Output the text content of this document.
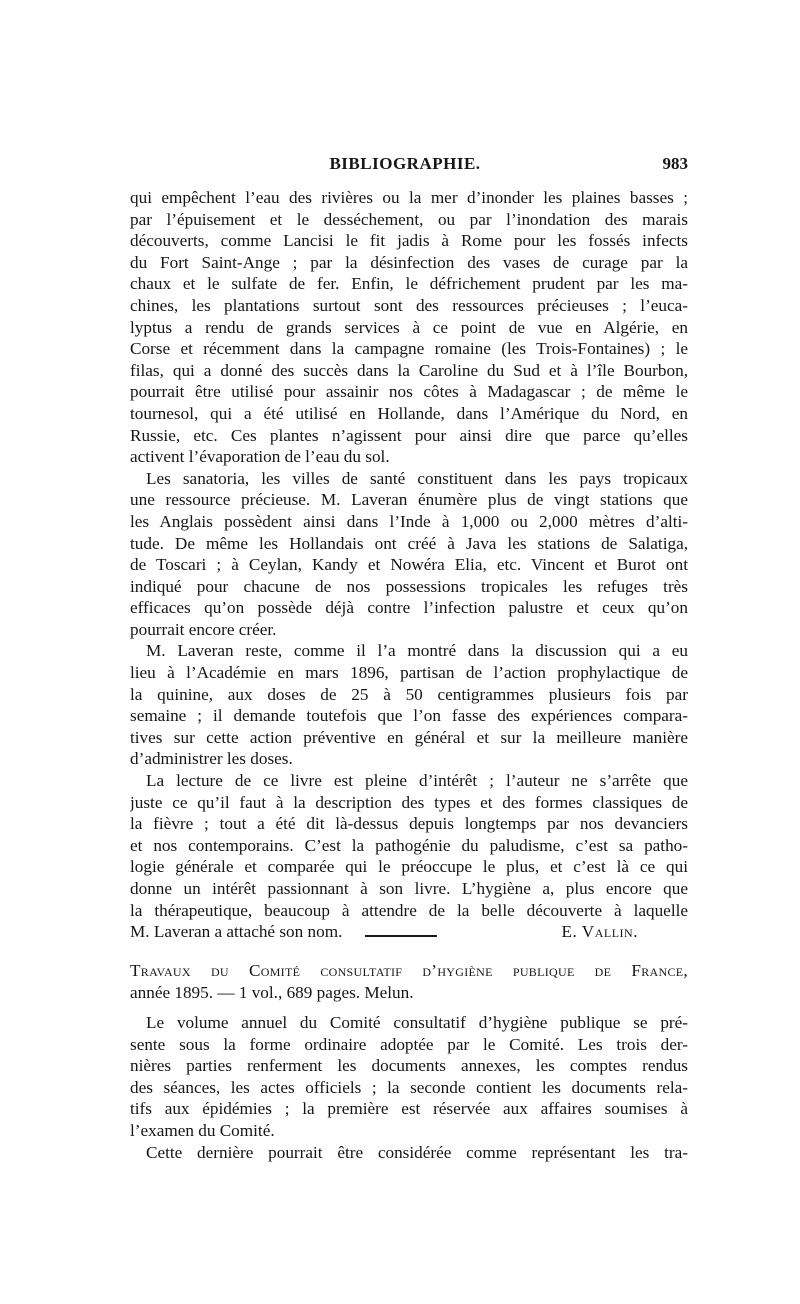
BIBLIOGRAPHIE.	983
qui empêchent l’eau des rivières ou la mer d’inonder les plaines basses ;
par l’épuisement et le desséchement, ou par l’inondation des marais
découverts, comme Lancisi le fit jadis à Rome pour les fossés infects
du Fort Saint-Ange ; par la désinfection des vases de curage par la
chaux et le sulfate de fer. Enfin, le défrichement prudent par les ma-
chines, les plantations surtout sont des ressources précieuses ; l’euca-
lyptus a rendu de grands services à ce point de vue en Algérie, en
Corse et récemment dans la campagne romaine (les Trois-Fontaines) ; le
filas, qui a donné des succès dans la Caroline du Sud et à l’île Bourbon,
pourrait être utilisé pour assainir nos côtes à Madagascar ; de même le
tournesol, qui a été utilisé en Hollande, dans l’Amérique du Nord, en
Russie, etc. Ces plantes n’agissent pour ainsi dire que parce qu’elles
activent l’évaporation de l’eau du sol.
Les sanatoria, les villes de santé constituent dans les pays tropicaux
une ressource précieuse. M. Laveran énumère plus de vingt stations que
les Anglais possèdent ainsi dans l’Inde à 1,000 ou 2,000 mètres d’alti-
tude. De même les Hollandais ont créé à Java les stations de Salatiga,
de Toscari ; à Ceylan, Kandy et Nowéra Elia, etc. Vincent et Burot ont
indiqué pour chacune de nos possessions tropicales les refuges très
efficaces qu’on possède déjà contre l’infection palustre et ceux qu’on
pourrait encore créer.
M. Laveran reste, comme il l’a montré dans la discussion qui a eu
lieu à l’Académie en mars 1896, partisan de l’action prophylactique de
la quinine, aux doses de 25 à 50 centigrammes plusieurs fois par
semaine ; il demande toutefois que l’on fasse des expériences compara-
tives sur cette action préventive en général et sur la meilleure manière
d’administrer les doses.
La lecture de ce livre est pleine d’intérêt ; l’auteur ne s’arrête que
juste ce qu’il faut à la description des types et des formes classiques de
la fièvre ; tout a été dit là-dessus depuis longtemps par nos devanciers
et nos contemporains. C’est la pathogénie du paludisme, c’est sa patho-
logie générale et comparée qui le préoccupe le plus, et c’est là ce qui
donne un intérêt passionnant à son livre. L’hygiène a, plus encore que
la thérapeutique, beaucoup à attendre de la belle découverte à laquelle
M. Laveran a attaché son nom.	E. Vallin.
Travaux du Comité consultatif d’hygiène publique de France,
année 1895. — 1 vol., 689 pages. Melun.
Le volume annuel du Comité consultatif d’hygiène publique se pré-
sente sous la forme ordinaire adoptée par le Comité. Les trois der-
nières parties renferment les documents annexes, les comptes rendus
des séances, les actes officiels ; la seconde contient les documents rela-
tifs aux épidémies ; la première est réservée aux affaires soumises à
l’examen du Comité.
Cette dernière pourrait être considérée comme représentant les tra-
